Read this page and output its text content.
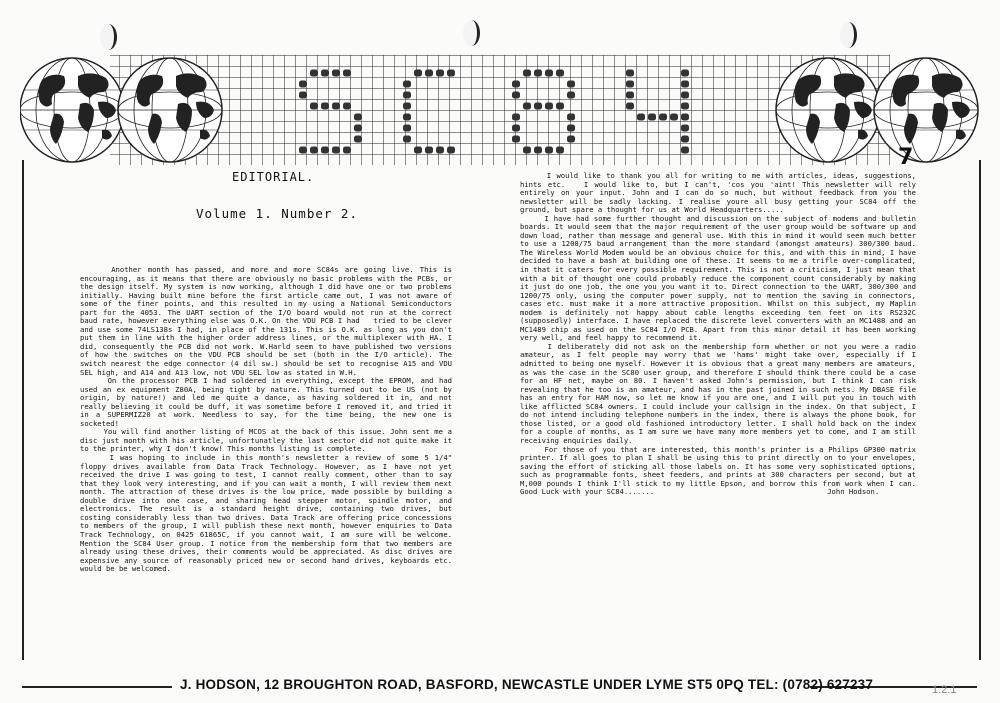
7
EDITORIAL.
Volume 1. Number 2.
Another month has passed, and more and more SC84s are going live. This is encouraging, as it means that there are obviously no basic problems with the PCBs, or the design itself. My system is now working, although I did have one or two problems initially. Having built mine before the first article came out, I was not aware of some of the finer points, and this resulted in my using a National Semiconductors part for the 4053. The UART section of the I/O board would not run at the correct baud rate, however everything else was O.K. On the VDU PCB I had   tried to be clever and use some 74LS138s I had, in place of the 131s. This is O.K. as long as you don't put them in line with the higher order address lines, or the multiplexer with HA. I did, consequently the PCB did not work. W.Harld seem to have published two versions of how the switches on the VDU PCB should be set (both in the I/O article). The switch nearest the edge connector (4 dil sw.) should be set to recognise A15 and VDU SEL high, and A14 and A13 low, not VDU SEL low as stated in W.H.
On the processor PCB I had soldered in everything, except the EPROM, and had used an ex equipment Z80A, being tight by nature. This turned out to be US (not by origin, by nature!) and led me quite a dance, as having soldered it in, and not really believing it could be duff, it was sometime before I removed it, and tried it in a SUPERMIZ20 at work. Needless to say, for the time being, the new one is socketed!
You will find another listing of MCOS at the back of this issue. John sent me a disc just month with his article, unfortunatley the last sector did not quite make it to the printer, why I don't know! This months listing is complete.
I was hoping to include in this month's newsletter a review of some 5 1/4" floppy drives available from Data Track Technology. However, as I have not yet received the drive I was going to test, I cannot really comment, other than to say that they look very interesting, and if you can wait a month, I will review them next month. The attraction of these drives is the low price, made possible by building a double drive into one case, and sharing head stepper motor, spindle motor, and electronics. The result is a standard height drive, containing two drives, but costing considerably less than two drives. Data Track are offering price concessions to members of the group, I will publish these next month, however enquiries to Data Track Technology, on 0425 61865C, if you cannot wait, I am sure will be welcome. Mention the SC84 User group. I notice from the membership form that two members are already using these drives, their comments would be appreciated. As disc drives are expensive any source of reasonably priced new or second hand drives, keyboards etc. would be be welcomed.
I would like to thank you all for writing to me with articles, ideas, suggestions, hints etc.   I would like to, but I can't, 'cos you 'aint! This newsletter will rely entirely on your input. John and I can do so much, but without feedback from you the newsletter will be sadly lacking. I realise youre all busy getting your SC84 off the ground, but spare a thought for us at World Headquarters.....
I have had some further thought and discussion on the subject of modems and bulletin boards. It would seem that the major requirement of the user group would be software up and down load, rather than message and general use. With this in mind it would seem much better to use a 1200/75 baud arrangement than the more standard (amongst amateurs) 300/300 baud. The Wireless World Modem would be an obvious choice for this, and with this in mind, I have decided to have a bash at building one of these. It seems to me a trifle over-complicated, in that it caters for every possible requirement. This is not a criticism, I just mean that with a bit of thought one could probably reduce the component count considerably by making it just do one job, the one you you want it to. Direct connection to the UART, 300/300 and 1200/75 only, using the computer power supply, not to mention the saving in connectors, cases etc. must make it a more attractive proposition. Whilst on this subject, my Maplin modem is definitely not happy about cable lengths exceeding ten feet on its RS232C (supposedly) interface. I have replaced the discrete level converters with an MC1488 and an MC1489 chip as used on the SC84 I/O PCB. Apart from this minor detail it has been working very well, and feel happy to recommend it.
I deliberately did not ask on the membership form whether or not you were a radio amateur, as I felt people may worry that we 'hams' might take over, especially if I admitted to being one myself. However it is obvious that a great many members are amateurs, as was the case in the SC80 user group, and therefore I should think there could be a case for an HF net, maybe on 80. I haven't asked John's permission, but I think I can risk revealing that he too is an amateur, and has in the past joined in such nets. My DBASE file has an entry for HAM now, so let me know if you are one, and I will put you in touch with like afflicted SC84 owners. I could include your callsign in the index. On that subject, I do not intend including telephone numbers in the index, there is always the phone book, for those listed, or a good old fashioned introductory letter. I shall hold back on the index for a couple of months, as I am sure we have many more members yet to come, and I am still receiving enquiries daily.
For those of you that are interested, this month's printer is a Philips GP300 matrix printer. If all goes to plan I shall be using this to print directly on to your envelopes, saving the effort of sticking all those labels on. It has some very sophisticated options, such as programmable fonts, sheet feeders, and prints at 300 characters per second, but at M,000 pounds I think I'll stick to my little Epson, and borrow this from work when I can. Good Luck with your SC84.......                                        John Hodson.
J. HODSON, 12 BROUGHTON ROAD, BASFORD, NEWCASTLE UNDER LYME ST5 0PQ TEL: (0782) 627237	1.2.1
